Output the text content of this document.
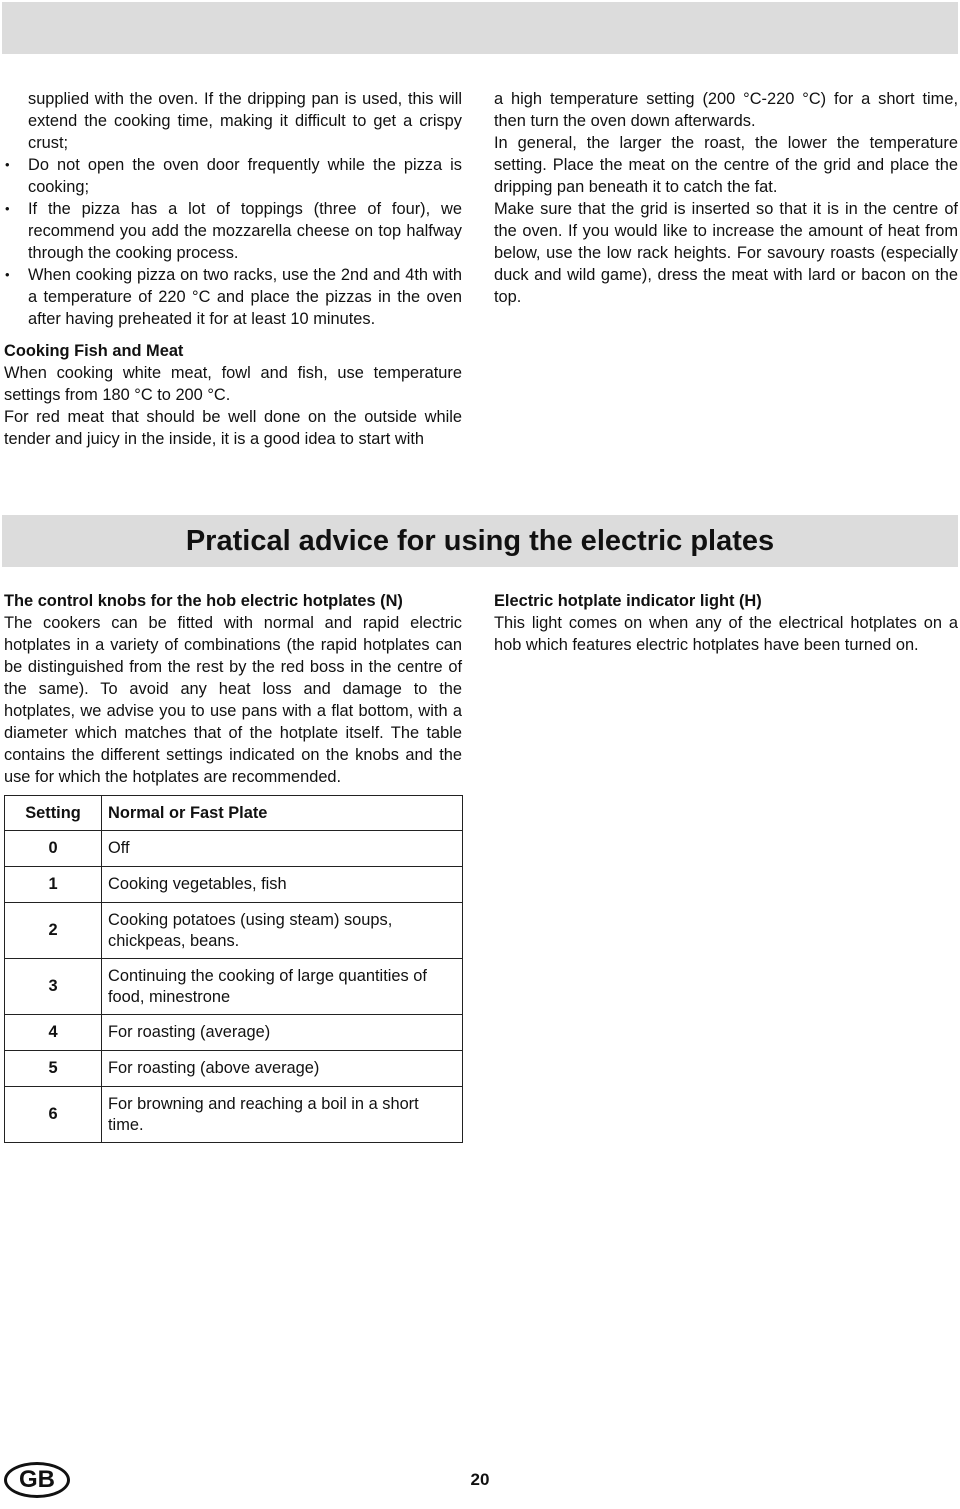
supplied with the oven. If the dripping pan is used, this will extend the cooking time, making it difficult to get a crispy crust;

• Do not open the oven door frequently while the pizza is cooking;
• If the pizza has a lot of toppings (three of four), we recommend you add the mozzarella cheese on top halfway through the cooking process.
• When cooking pizza on two racks, use the 2nd and 4th with a temperature of 220 °C and place the pizzas in the oven after having preheated it for at least 10 minutes.

Cooking Fish and Meat

When cooking white meat, fowl and fish, use temperature settings from 180 °C to 200 °C.

For red meat that should be well done on the outside while tender and juicy in the inside, it is a good idea to start with

a high temperature setting (200 °C-220 °C) for a short time, then turn the oven down afterwards.

In general, the larger the roast, the lower the temperature setting. Place the meat on the centre of the grid and place the dripping pan beneath it to catch the fat.

Make sure that the grid is inserted so that it is in the centre of the oven. If you would like to increase the amount of heat from below, use the low rack heights. For savoury roasts (especially duck and wild game), dress the meat with lard or bacon on the top.

Pratical advice for using the electric plates

The control knobs for the hob electric hotplates (N)

The cookers can be fitted with normal and rapid electric hotplates in a variety of combinations (the rapid hotplates can be distinguished from the rest by the red boss in the centre of the same). To avoid any heat loss and damage to the hotplates, we advise you to use pans with a flat bottom, with a diameter which matches that of the hotplate itself. The table contains the different settings indicated on the knobs and the use for which the hotplates are recommended.

Electric hotplate indicator light (H)

This light comes on when any of the electrical hotplates on a hob which features electric hotplates have been turned on.

Setting	Normal or Fast Plate
0	Off
1	Cooking vegetables, fish
2	Cooking potatoes (using steam) soups, chickpeas, beans.
3	Continuing the cooking of large quantities of food, minestrone
4	For roasting (average)
5	For roasting (above average)
6	For browning and reaching a boil in a short time.
GB	20
